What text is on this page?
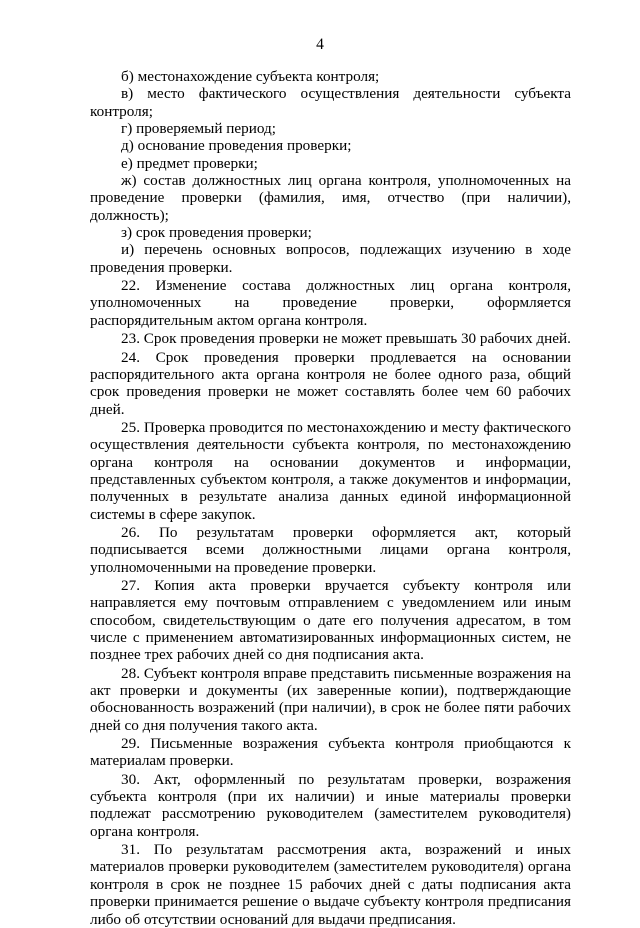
4

б) местонахождение субъекта контроля;

в) место фактического осуществления деятельности субъекта контроля;

г) проверяемый период;

д) основание проведения проверки;

е) предмет проверки;

ж) состав должностных лиц органа контроля, уполномоченных на проведение проверки (фамилия, имя, отчество (при наличии), должность);

з) срок проведения проверки;

и) перечень основных вопросов, подлежащих изучению в ходе проведения проверки.

22. Изменение состава должностных лиц органа контроля, уполномоченных на проведение проверки, оформляется распорядительным актом органа контроля.

23. Срок проведения проверки не может превышать 30 рабочих дней.

24. Срок проведения проверки продлевается на основании распорядительного акта органа контроля не более одного раза, общий срок проведения проверки не может составлять более чем 60 рабочих дней.

25. Проверка проводится по местонахождению и месту фактического осуществления деятельности субъекта контроля, по местонахождению органа контроля на основании документов и информации, представленных субъектом контроля, а также документов и информации, полученных в результате анализа данных единой информационной системы в сфере закупок.

26. По результатам проверки оформляется акт, который подписывается всеми должностными лицами органа контроля, уполномоченными на проведение проверки.

27. Копия акта проверки вручается субъекту контроля или направляется ему почтовым отправлением с уведомлением или иным способом, свидетельствующим о дате его получения адресатом, в том числе с применением автоматизированных информационных систем, не позднее трех рабочих дней со дня подписания акта.

28. Субъект контроля вправе представить письменные возражения на акт проверки и документы (их заверенные копии), подтверждающие обоснованность возражений (при наличии), в срок не более пяти рабочих дней со дня получения такого акта.

29. Письменные возражения субъекта контроля приобщаются к материалам проверки.

30. Акт, оформленный по результатам проверки, возражения субъекта контроля (при их наличии) и иные материалы проверки подлежат рассмотрению руководителем (заместителем руководителя) органа контроля.

31. По результатам рассмотрения акта, возражений и иных материалов проверки руководителем (заместителем руководителя) органа контроля в срок не позднее 15 рабочих дней с даты подписания акта проверки принимается решение о выдаче субъекту контроля предписания либо об отсутствии оснований для выдачи предписания.
